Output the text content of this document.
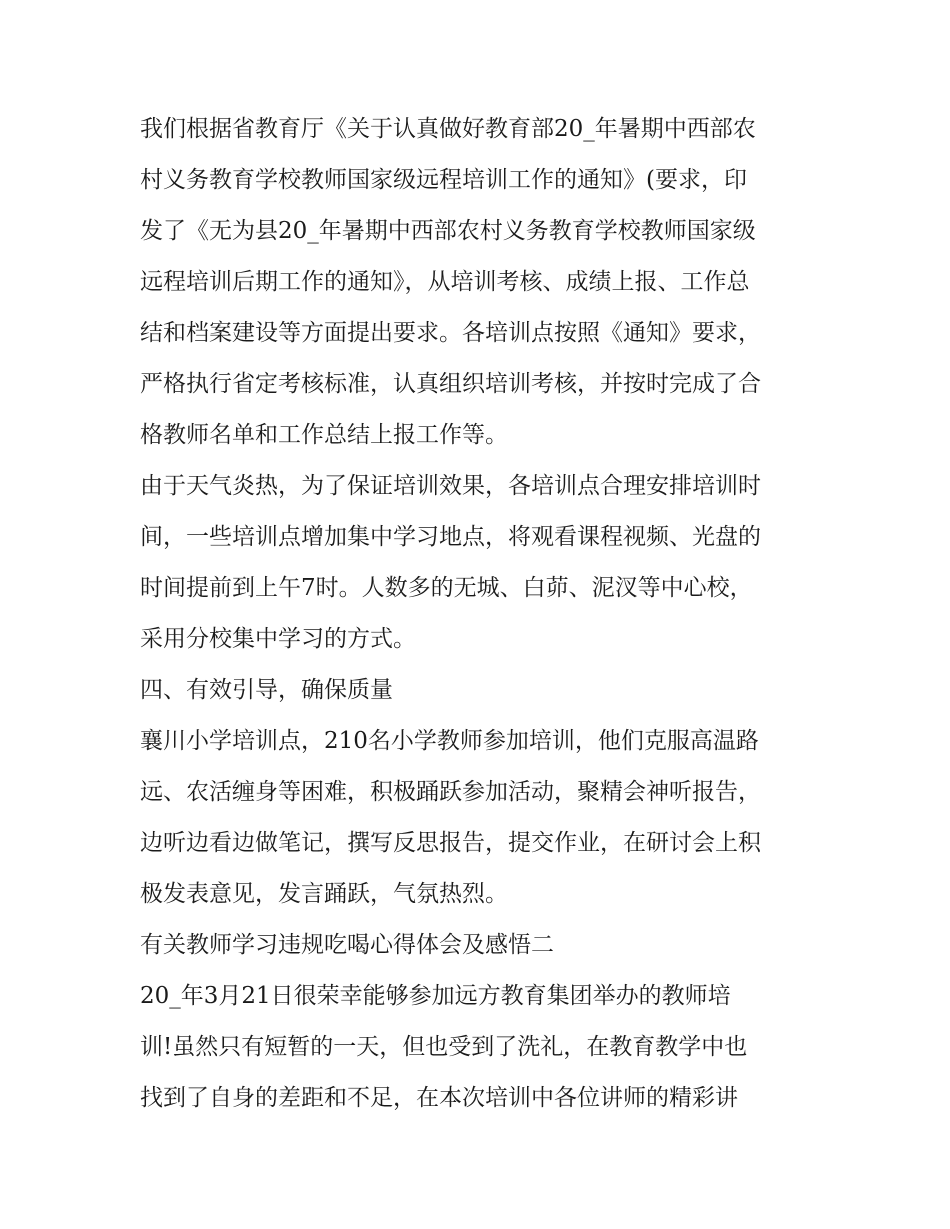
我们根据省教育厅《关于认真做好教育部20_年暑期中西部农
村义务教育学校教师国家级远程培训工作的通知》(要求，印
发了《无为县20_年暑期中西部农村义务教育学校教师国家级
远程培训后期工作的通知》，从培训考核、成绩上报、工作总
结和档案建设等方面提出要求。各培训点按照《通知》要求，
严格执行省定考核标准，认真组织培训考核，并按时完成了合
格教师名单和工作总结上报工作等。
由于天气炎热，为了保证培训效果，各培训点合理安排培训时
间，一些培训点增加集中学习地点，将观看课程视频、光盘的
时间提前到上午7时。人数多的无城、白茆、泥汊等中心校，
采用分校集中学习的方式。
四、有效引导，确保质量
襄川小学培训点，210名小学教师参加培训，他们克服高温路
远、农活缠身等困难，积极踊跃参加活动，聚精会神听报告，
边听边看边做笔记，撰写反思报告，提交作业，在研讨会上积
极发表意见，发言踊跃，气氛热烈。
有关教师学习违规吃喝心得体会及感悟二
20_年3月21日很荣幸能够参加远方教育集团举办的教师培
训!虽然只有短暂的一天，但也受到了洗礼，在教育教学中也
找到了自身的差距和不足，在本次培训中各位讲师的精彩讲
